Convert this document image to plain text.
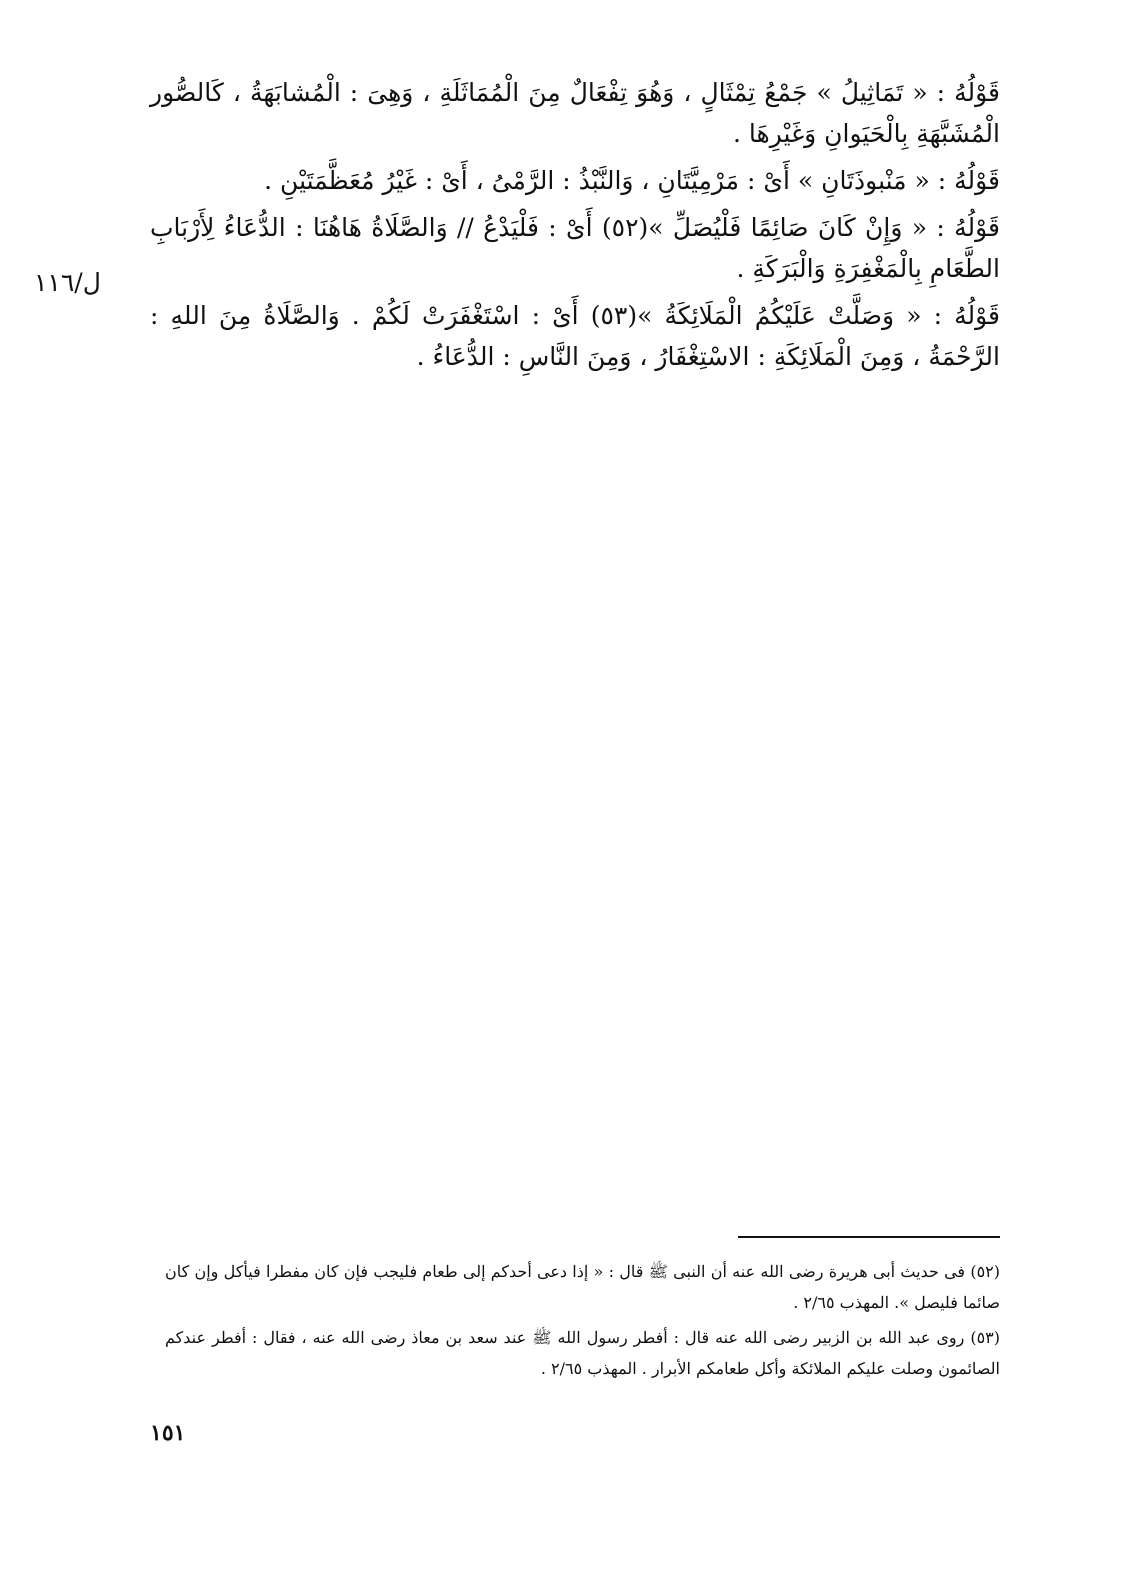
قَوْلُهُ : « تَمَاثِيلُ » جَمْعُ تِمْثَالٍ ، وَهُوَ تِفْعَالٌ مِنَ الْمُمَاثَلَةِ ، وَهِىَ : الْمُشابَهَةُ ، كَالصُّور الْمُشَبَّهَةِ بِالْحَيَوانِ وَغَيْرِهَا .

قَوْلُهُ : « مَنْبوذَتَانِ » أَىْ : مَرْمِيَّتَانِ ، وَالنَّبْذُ : الرَّمْىُ ، أَىْ : غَيْرُ مُعَظَّمَتَيْنِ .

قَوْلُهُ : « وَإِنْ كَانَ صَائِمًا فَلْيُصَلِّ »(٥٢) أَىْ : فَلْيَدْعُ // وَالصَّلَاةُ هَاهُنَا : الدُّعَاءُ لِأَرْبَابِ الطَّعَامِ بِالْمَغْفِرَةِ وَالْبَرَكَةِ .

قَوْلُهُ : « وَصَلَّتْ عَلَيْكُمُ الْمَلَائِكَةُ »(٥٣) أَىْ : اسْتَغْفَرَتْ لَكُمْ . وَالصَّلَاةُ مِنَ اللهِ : الرَّحْمَةُ ، وَمِنَ الْمَلَائِكَةِ : الاسْتِغْفَارُ ، وَمِنَ النَّاسِ : الدُّعَاءُ .

ل/١١٦

(٥٢) فى حديث أبى هريرة رضى الله عنه أن النبى ﷺ قال : « إذا دعى أحدكم إلى طعام فليجب فإن كان مفطرا فيأكل وإن كان صائما فليصل ». المهذب ٢/٦٥ .

(٥٣) روى عبد الله بن الزبير رضى الله عنه قال : أفطر رسول الله ﷺ عند سعد بن معاذ رضى الله عنه ، فقال : أفطر عندكم الصائمون وصلت عليكم الملائكة وأكل طعامكم الأبرار . المهذب ٢/٦٥ .

١٥١
